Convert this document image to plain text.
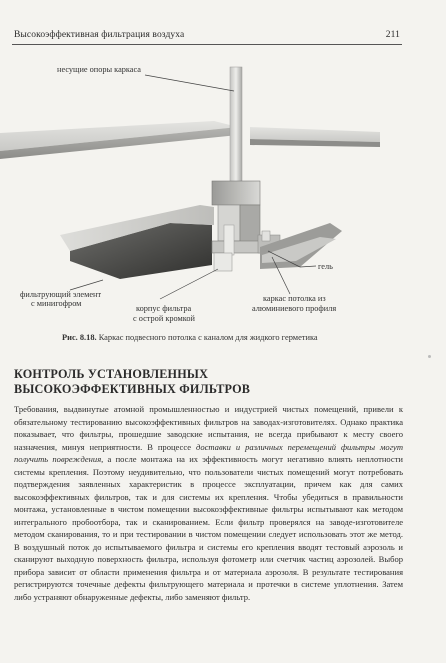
Высокоэффективная фильтрация воздуха	211
несущие опоры каркаса
гель
фильтрующий элемент
с минигофром
корпус фильтра
с острой кромкой
каркас потолка из
алюминиевого профиля
Рис. 8.18. Каркас подвесного потолка с каналом для жидкого герметика
КОНТРОЛЬ УСТАНОВЛЕННЫХ
ВЫСОКОЭФФЕКТИВНЫХ ФИЛЬТРОВ

Требования, выдвинутые атомной промышленностью и индустрией чистых помещений, привели к обязательному тестированию высокоэффективных фильтров на заводах-изготовителях. Однако практика показывает, что фильтры, прошедшие заводские испытания, не всегда прибывают к месту своего назначения, минуя неприятности. В процессе доставки и различных перемещений фильтры могут получить повреждения, а после монтажа на их эффективность могут негативно влиять неплотности системы крепления. Поэтому неудивительно, что пользователи чистых помещений могут потребовать подтверждения заявленных характеристик в процессе эксплуатации, причем как для самих высокоэффективных фильтров, так и для системы их крепления. Чтобы убедиться в правильности монтажа, установленные в чистом помещении высокоэффективные фильтры испытывают как методом интегрального пробоотбора, так и сканированием. Если фильтр проверялся на заводе-изготовителе методом сканирования, то и при тестировании в чистом помещении следует использовать этот же метод. В воздушный поток до испытываемого фильтра и системы его крепления вводят тестовый аэрозоль и сканируют выходную поверхность фильтра, используя фотометр или счетчик частиц аэрозолей. Выбор прибора зависит от области применения фильтра и от материала аэрозоля. В результате тестирования регистрируются точечные дефекты фильтрующего материала и протечки в системе уплотнения. Затем либо устраняют обнаруженные дефекты, либо заменяют фильтр.
